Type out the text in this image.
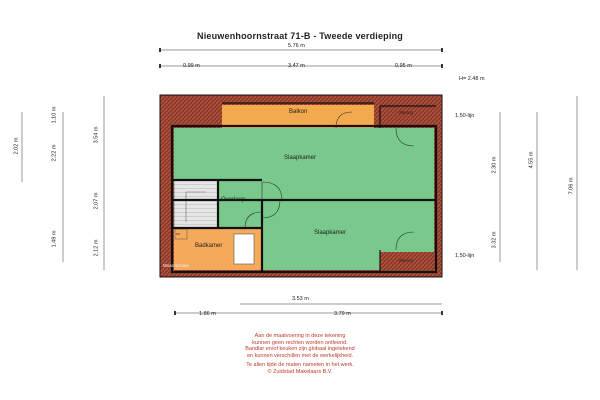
Nieuwenhoornstraat 71-B - Tweede verdieping
5.76 m
0.99 m	3.47 m	0.95 m
H= 2.48 m
2.02 m
1.10 m
2.22 m
3.54 m
2.07 m
1.48 m
2.12 m
2.30 m	4.55 m
7.06 m
3.32 m
1.50-lijn
1.50-lijn
Balkon
Slaapkamer
Overloop
Slaapkamer
Badkamer
Vliering
Vliering
cv
Wasmachine
3.53 m
1.86 m	3.79 m
Aan de maatvoering in deze tekening
kunnen geen rechten worden ontleend.
Bandlar en/of keuken zijn globaal ingetekend
en kunnen verschillen met de werkelijkheid.
Te allen tijde de maten nameten in het werk.
© Zuidstad Makelaars B.V.
